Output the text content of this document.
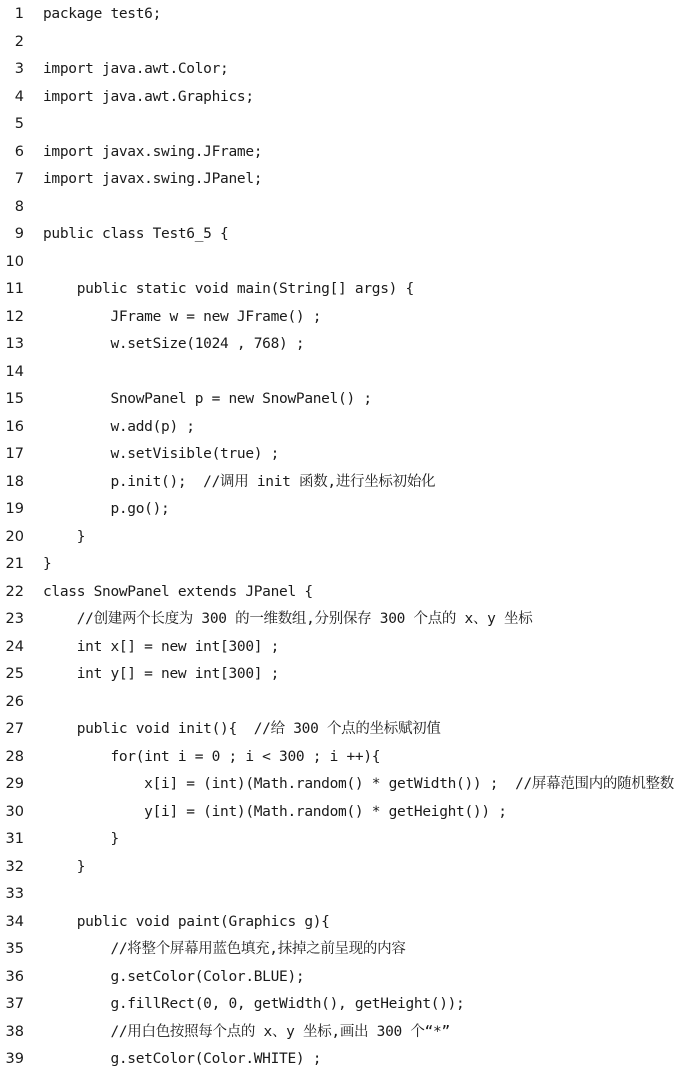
1 package test6;
2
3 import java.awt.Color;
4 import java.awt.Graphics;
5
6 import javax.swing.JFrame;
7 import javax.swing.JPanel;
8
9 public class Test6_5 {
10
11 public static void main(String[] args) {
12 JFrame w = new JFrame() ;
13 w.setSize(1024 , 768) ;
14
15 SnowPanel p = new SnowPanel() ;
16 w.add(p) ;
17 w.setVisible(true) ;
18 p.init();  //调用 init 函数,进行坐标初始化
19 p.go();
20 }
21 }
22 class SnowPanel extends JPanel {
23 //创建两个长度为 300 的一维数组,分别保存 300 个点的 x、y 坐标
24 int x[] = new int[300] ;
25 int y[] = new int[300] ;
26
27 public void init(){  //给 300 个点的坐标赋初值
28 for(int i = 0 ; i < 300 ; i ++){
29 x[i] = (int)(Math.random() * getWidth()) ;  //屏幕范围内的随机整数
30 y[i] = (int)(Math.random() * getHeight()) ;
31 }
32 }
33
34 public void paint(Graphics g){
35 //将整个屏幕用蓝色填充,抹掉之前呈现的内容
36 g.setColor(Color.BLUE);
37 g.fillRect(0, 0, getWidth(), getHeight());
38 //用白色按照每个点的 x、y 坐标,画出 300 个“*”
39 g.setColor(Color.WHITE) ;
